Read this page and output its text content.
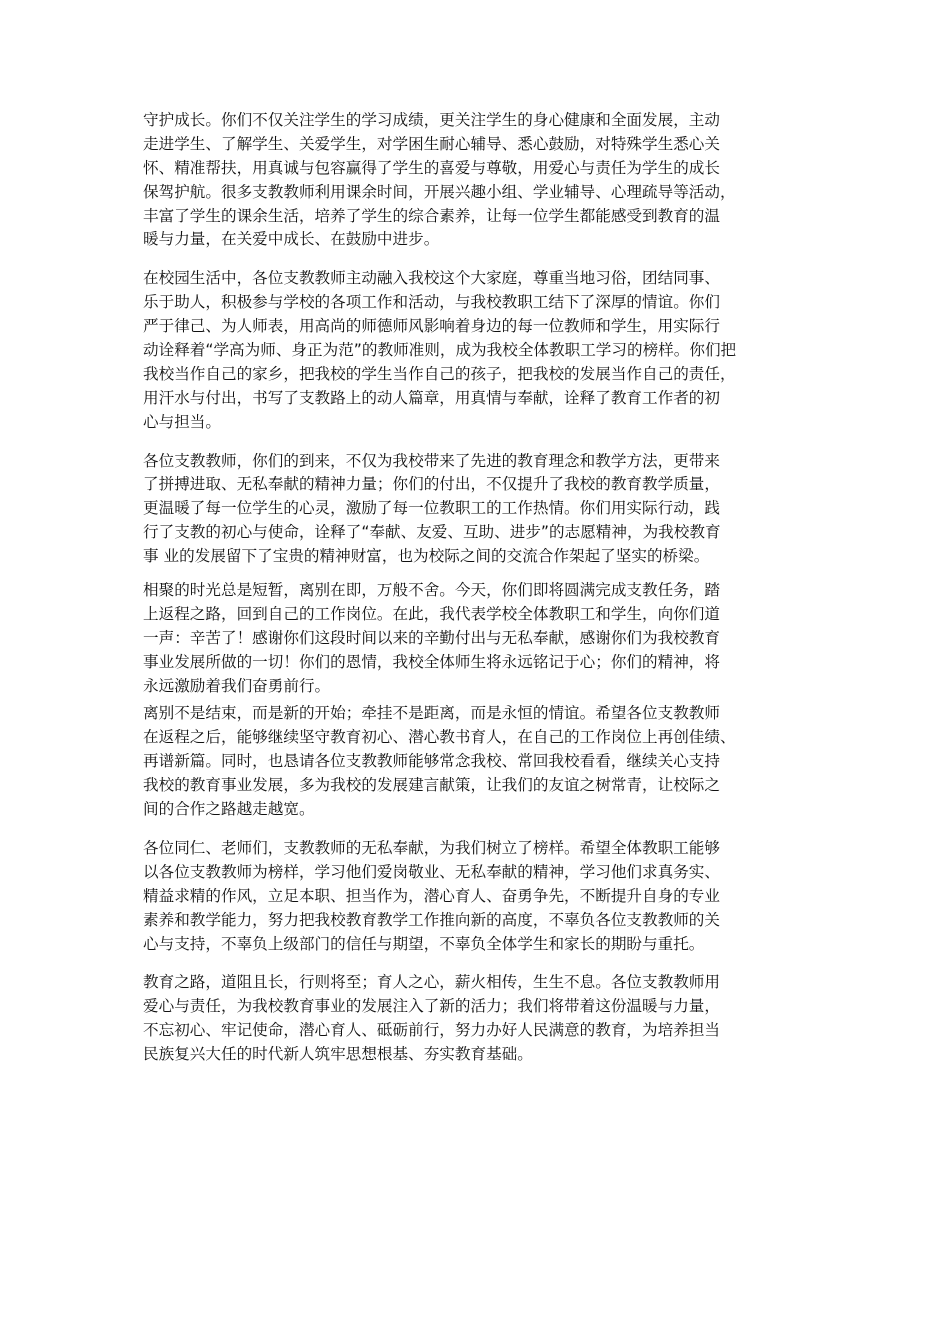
守护成长。你们不仅关注学生的学习成绩，更关注学生的身心健康和全面发展，主动
走进学生、了解学生、关爱学生，对学困生耐心辅导、悉心鼓励，对特殊学生悉心关
怀、精准帮扶，用真诚与包容赢得了学生的喜爱与尊敬，用爱心与责任为学生的成长
保驾护航。很多支教教师利用课余时间，开展兴趣小组、学业辅导、心理疏导等活动，
丰富了学生的课余生活，培养了学生的综合素养，让每一位学生都能感受到教育的温
暖与力量，在关爱中成长、在鼓励中进步。

在校园生活中，各位支教教师主动融入我校这个大家庭，尊重当地习俗，团结同事、
乐于助人，积极参与学校的各项工作和活动，与我校教职工结下了深厚的情谊。你们
严于律己、为人师表，用高尚的师德师风影响着身边的每一位教师和学生，用实际行
动诠释着“学高为师、身正为范”的教师准则，成为我校全体教职工学习的榜样。你们把
我校当作自己的家乡，把我校的学生当作自己的孩子，把我校的发展当作自己的责任，
用汗水与付出，书写了支教路上的动人篇章，用真情与奉献，诠释了教育工作者的初
心与担当。

各位支教教师，你们的到来，不仅为我校带来了先进的教育理念和教学方法，更带来
了拼搏进取、无私奉献的精神力量；你们的付出，不仅提升了我校的教育教学质量，
更温暖了每一位学生的心灵，激励了每一位教职工的工作热情。你们用实际行动，践
行了支教的初心与使命，诠释了“奉献、友爱、互助、进步”的志愿精神，为我校教育
事 业的发展留下了宝贵的精神财富，也为校际之间的交流合作架起了坚实的桥梁。

相聚的时光总是短暂，离别在即，万般不舍。今天，你们即将圆满完成支教任务，踏
上返程之路，回到自己的工作岗位。在此，我代表学校全体教职工和学生，向你们道
一声：辛苦了！感谢你们这段时间以来的辛勤付出与无私奉献，感谢你们为我校教育
事业发展所做的一切！你们的恩情，我校全体师生将永远铭记于心；你们的精神，将
永远激励着我们奋勇前行。

离别不是结束，而是新的开始；牵挂不是距离，而是永恒的情谊。希望各位支教教师
在返程之后，能够继续坚守教育初心、潜心教书育人，在自己的工作岗位上再创佳绩、
再谱新篇。同时，也恳请各位支教教师能够常念我校、常回我校看看，继续关心支持
我校的教育事业发展，多为我校的发展建言献策，让我们的友谊之树常青，让校际之
间的合作之路越走越宽。

各位同仁、老师们，支教教师的无私奉献，为我们树立了榜样。希望全体教职工能够
以各位支教教师为榜样，学习他们爱岗敬业、无私奉献的精神，学习他们求真务实、
精益求精的作风，立足本职、担当作为，潜心育人、奋勇争先，不断提升自身的专业
素养和教学能力，努力把我校教育教学工作推向新的高度，不辜负各位支教教师的关
心与支持，不辜负上级部门的信任与期望，不辜负全体学生和家长的期盼与重托。

教育之路，道阻且长，行则将至；育人之心，薪火相传，生生不息。各位支教教师用
爱心与责任，为我校教育事业的发展注入了新的活力；我们将带着这份温暖与力量，
不忘初心、牢记使命，潜心育人、砥砺前行，努力办好人民满意的教育，为培养担当
民族复兴大任的时代新人筑牢思想根基、夯实教育基础。
